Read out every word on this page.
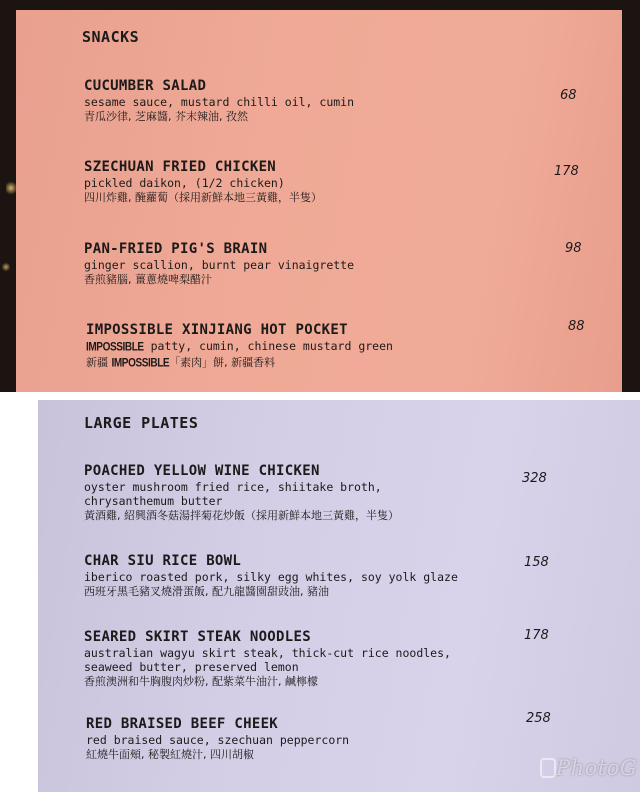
SNACKS
CUCUMBER SALAD
sesame sauce, mustard chilli oil, cumin
青瓜沙律, 芝麻醬, 芥末辣油, 孜然
68
SZECHUAN FRIED CHICKEN
pickled daikon, (1/2 chicken)
四川炸雞, 醃蘿蔔（採用新鮮本地三黃雞，半隻）
178
PAN-FRIED PIG'S BRAIN
ginger scallion, burnt pear vinaigrette
香煎豬腦, 薑蔥燒啤梨醋汁
98
IMPOSSIBLE XINJIANG HOT POCKET
IMPOSSIBLE patty, cumin, chinese mustard green
新疆 IMPOSSIBLE「素肉」餅, 新疆香料
88
LARGE PLATES
POACHED YELLOW WINE CHICKEN
oyster mushroom fried rice, shiitake broth,
chrysanthemum butter
黃酒雞, 紹興酒冬菇湯拌菊花炒飯（採用新鮮本地三黃雞，半隻）
328
CHAR SIU RICE BOWL
iberico roasted pork, silky egg whites, soy yolk glaze
西班牙黑毛豬叉燒滑蛋飯, 配九龍醬園甜豉油, 豬油
158
SEARED SKIRT STEAK NOODLES
australian wagyu skirt steak, thick-cut rice noodles,
seaweed butter, preserved lemon
香煎澳洲和牛胸腹肉炒粉, 配紫菜牛油汁, 鹹檸檬
178
RED BRAISED BEEF CHEEK
red braised sauce, szechuan peppercorn
紅燒牛面頰, 秘製紅燒汁, 四川胡椒
258
PhotoG
